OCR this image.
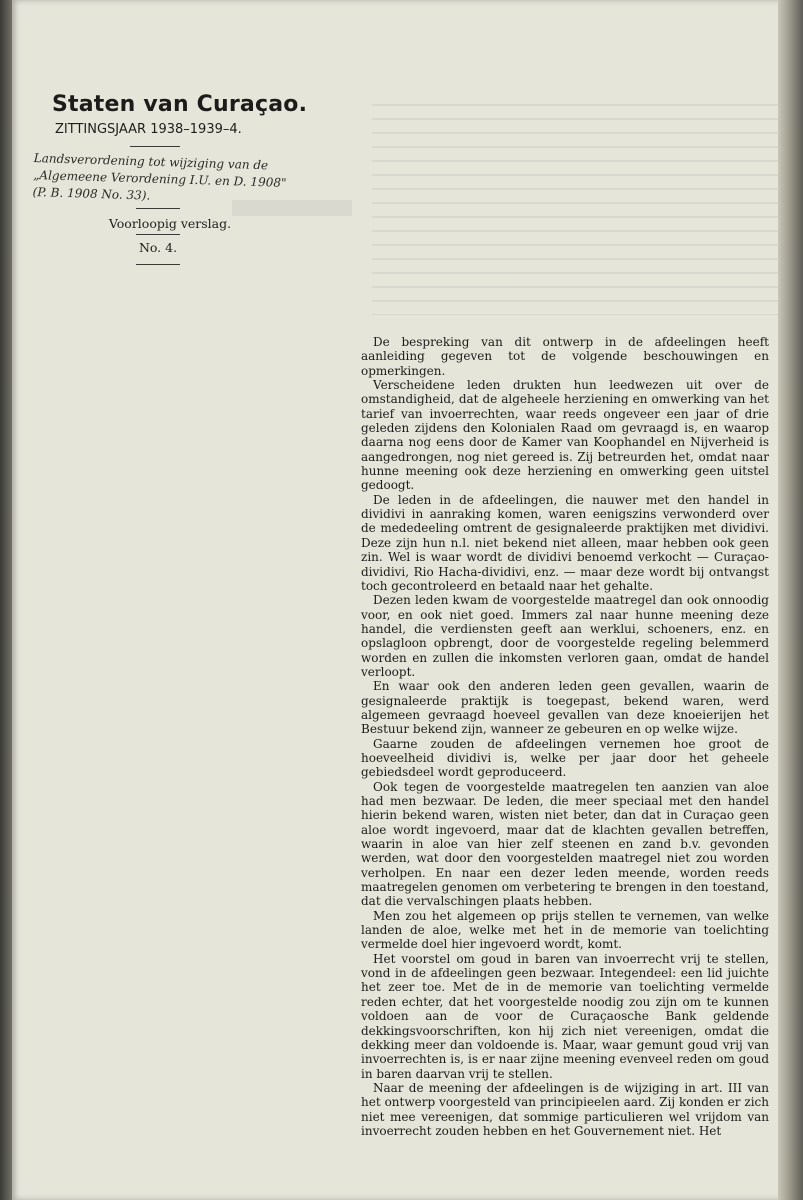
Staten van Curaçao.
ZITTINGSJAAR 1938–1939–4.
Landsverordening tot wijziging van de „Algemeene Verordening I.U. en D. 1908" (P. B. 1908 No. 33).
Voorloopig verslag.
No. 4.

De bespreking van dit ontwerp in de afdeelingen heeft aanleiding gegeven tot de volgende beschouwingen en opmerkingen.

Verscheidene leden drukten hun leedwezen uit over de omstandigheid, dat de algeheele herziening en omwerking van het tarief van invoerrechten, waar reeds ongeveer een jaar of drie geleden zijdens den Kolonialen Raad om gevraagd is, en waarop daarna nog eens door de Kamer van Koophandel en Nijverheid is aangedrongen, nog niet gereed is. Zij betreurden het, omdat naar hunne meening ook deze herziening en omwerking geen uitstel gedoogt.

De leden in de afdeelingen, die nauwer met den handel in dividivi in aanraking komen, waren eenigszins verwonderd over de mededeeling omtrent de gesignaleerde praktijken met dividivi. Deze zijn hun n.l. niet bekend niet alleen, maar hebben ook geen zin. Wel is waar wordt de dividivi benoemd verkocht — Curaçao-dividivi, Rio Hacha-dividivi, enz. — maar deze wordt bij ontvangst toch gecontroleerd en betaald naar het gehalte.

Dezen leden kwam de voorgestelde maatregel dan ook onnoodig voor, en ook niet goed. Immers zal naar hunne meening deze handel, die verdiensten geeft aan werklui, schoeners, enz. en opslagloon opbrengt, door de voorgestelde regeling belemmerd worden en zullen die inkomsten verloren gaan, omdat de handel verloopt.

En waar ook den anderen leden geen gevallen, waarin de gesignaleerde praktijk is toegepast, bekend waren, werd algemeen gevraagd hoeveel gevallen van deze knoeierijen het Bestuur bekend zijn, wanneer ze gebeuren en op welke wijze.

Gaarne zouden de afdeelingen vernemen hoe groot de hoeveelheid dividivi is, welke per jaar door het geheele gebiedsdeel wordt geproduceerd.

Ook tegen de voorgestelde maatregelen ten aanzien van aloe had men bezwaar. De leden, die meer speciaal met den handel hierin bekend waren, wisten niet beter, dan dat in Curaçao geen aloe wordt ingevoerd, maar dat de klachten gevallen betreffen, waarin in aloe van hier zelf steenen en zand b.v. gevonden werden, wat door den voorgestelden maatregel niet zou worden verholpen. En naar een dezer leden meende, worden reeds maatregelen genomen om verbetering te brengen in den toestand, dat die vervalschingen plaats hebben.

Men zou het algemeen op prijs stellen te vernemen, van welke landen de aloe, welke met het in de memorie van toelichting vermelde doel hier ingevoerd wordt, komt.

Het voorstel om goud in baren van invoerrecht vrij te stellen, vond in de afdeelingen geen bezwaar. Integendeel: een lid juichte het zeer toe. Met de in de memorie van toelichting vermelde reden echter, dat het voorgestelde noodig zou zijn om te kunnen voldoen aan de voor de Curaçaosche Bank geldende dekkingsvoorschriften, kon hij zich niet vereenigen, omdat die dekking meer dan voldoende is. Maar, waar gemunt goud vrij van invoerrechten is, is er naar zijne meening evenveel reden om goud in baren daarvan vrij te stellen.

Naar de meening der afdeelingen is de wijziging in art. III van het ontwerp voorgesteld van principieelen aard. Zij konden er zich niet mee vereenigen, dat sommige particulieren wel vrijdom van invoerrecht zouden hebben en het Gouvernement niet. Het
